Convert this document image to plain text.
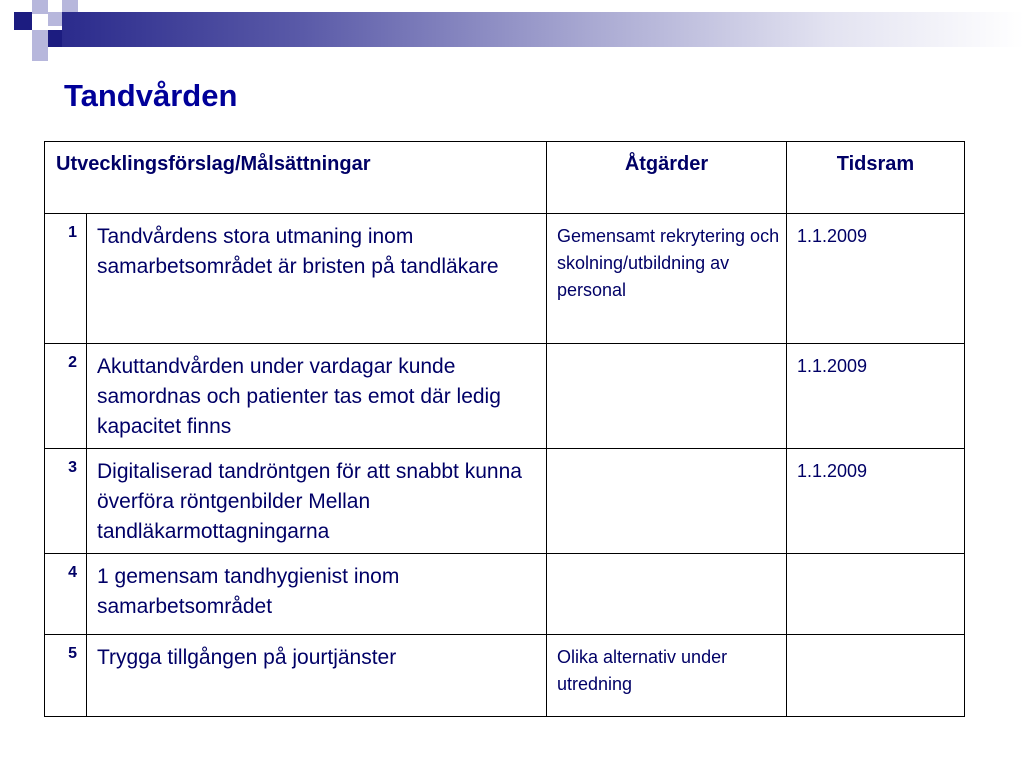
Tandvården
Utvecklingsförslag/Målsättningar		Åtgärder	Tidsram
1	Tandvårdens stora utmaning inom samarbetsområdet är bristen på tandläkare	Gemensamt rekrytering och skolning/utbildning av personal	1.1.2009
2	Akuttandvården under vardagar kunde samordnas och patienter tas emot där ledig kapacitet finns		1.1.2009
3	Digitaliserad tandröntgen för att snabbt kunna överföra röntgenbilder Mellan tandläkarmottagningarna		1.1.2009
4	1 gemensam tandhygienist inom samarbetsområdet		
5	Trygga tillgången på jourtjänster	Olika alternativ under utredning	
